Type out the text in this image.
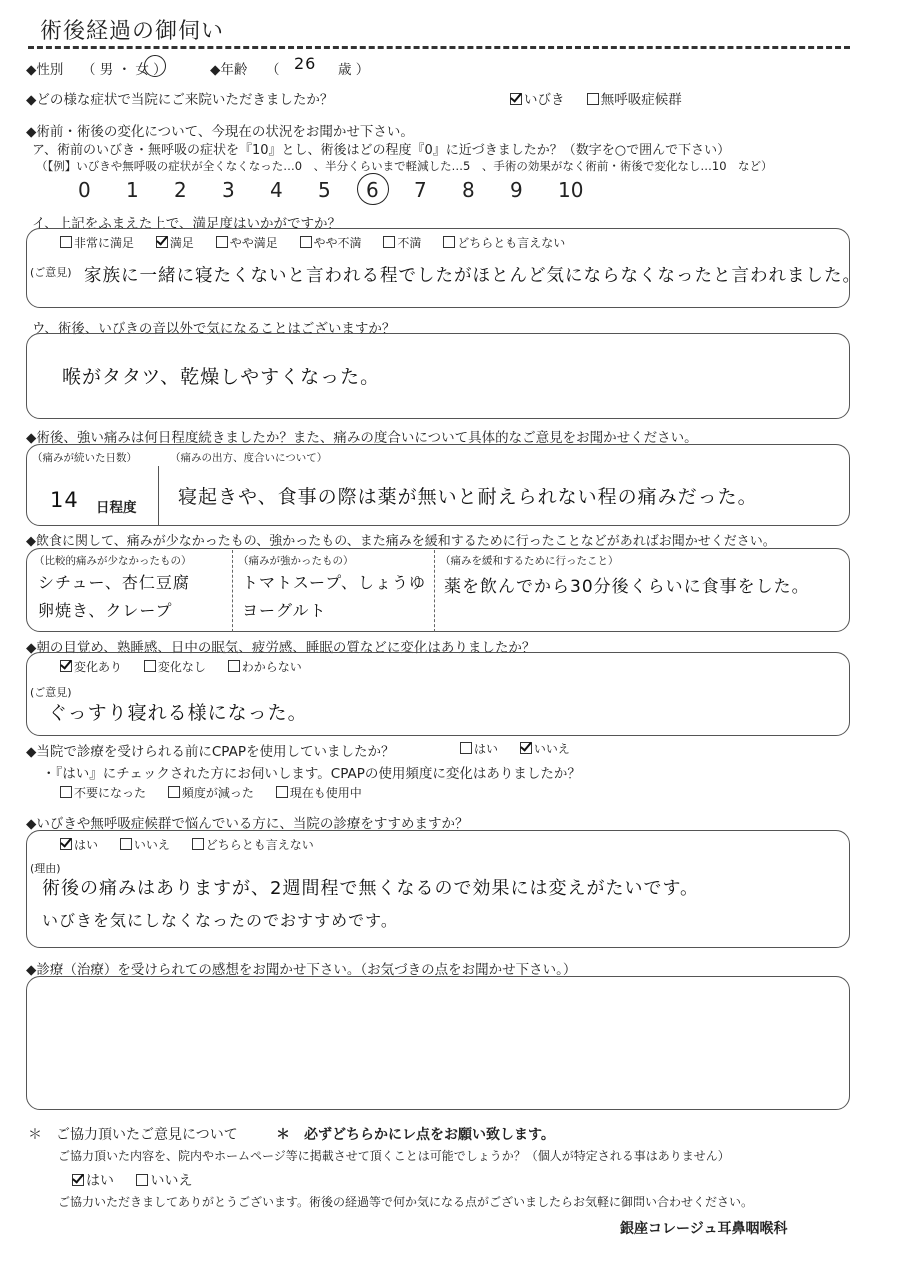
術後経過の御伺い
◆性別 （ 男 ・ 女 ）	◆年齢 （ 26 歳 ）
◆どの様な症状で当院にご来院いただきましたか？	いびき	無呼吸症候群
◆術前・術後の変化について、今現在の状況をお聞かせ下さい。
ア、術前のいびき・無呼吸の症状を『10』とし、術後はどの程度『0』に近づきましたか？（数字を○で囲んで下さい）
（【例】いびきや無呼吸の症状が全くなくなった…0　、半分くらいまで軽減した…5　、手術の効果がなく術前・術後で変化なし…10　など）
0 1 2 3 4 5 6 7 8 9 10
イ、上記をふまえた上で、満足度はいかがですか？
非常に満足	満足	やや満足	やや不満	不満	どちらとも言えない
(ご意見) 家族に一緒に寝たくないと言われる程でしたがほとんど気にならなくなったと言われました。
ウ、術後、いびきの音以外で気になることはございますか？
喉がタタツ、乾燥しやすくなった。
◆術後、強い痛みは何日程度続きましたか？また、痛みの度合いについて具体的なご意見をお聞かせください。
（痛みが続いた日数）
14 日程度
（痛みの出方、度合いについて）
寝起きや、食事の際は薬が無いと耐えられない程の痛みだった。
◆飲食に関して、痛みが少なかったもの、強かったもの、また痛みを緩和するために行ったことなどがあればお聞かせください。
（比較的痛みが少なかったもの）
シチュー、杏仁豆腐
卵焼き、クレープ
（痛みが強かったもの）
トマトスープ、しょうゆ
ヨーグルト
（痛みを緩和するために行ったこと）
薬を飲んでから30分後くらいに食事をした。
◆朝の目覚め、熟睡感、日中の眠気、疲労感、睡眠の質などに変化はありましたか？
変化あり	変化なし	わからない
(ご意見)
ぐっすり寝れる様になった。
◆当院で診療を受けられる前にCPAPを使用していましたか？	はい	いいえ
・『はい』にチェックされた方にお伺いします。CPAPの使用頻度に変化はありましたか？
不要になった	頻度が減った	現在も使用中
◆いびきや無呼吸症候群で悩んでいる方に、当院の診療をすすめますか？
はい	いいえ	どちらとも言えない
(理由)
術後の痛みはありますが、2週間程で無くなるので効果には変えがたいです。
いびきを気にしなくなったのでおすすめです。
◆診療（治療）を受けられての感想をお聞かせ下さい。（お気づきの点をお聞かせ下さい。）
＊　ご協力頂いたご意見について	＊　必ずどちらかにレ点をお願い致します。
ご協力頂いた内容を、院内やホームページ等に掲載させて頂くことは可能でしょうか？（個人が特定される事はありません）
はい	いいえ
ご協力いただきましてありがとうございます。術後の経過等で何か気になる点がございましたらお気軽に御問い合わせください。
銀座コレージュ耳鼻咽喉科
